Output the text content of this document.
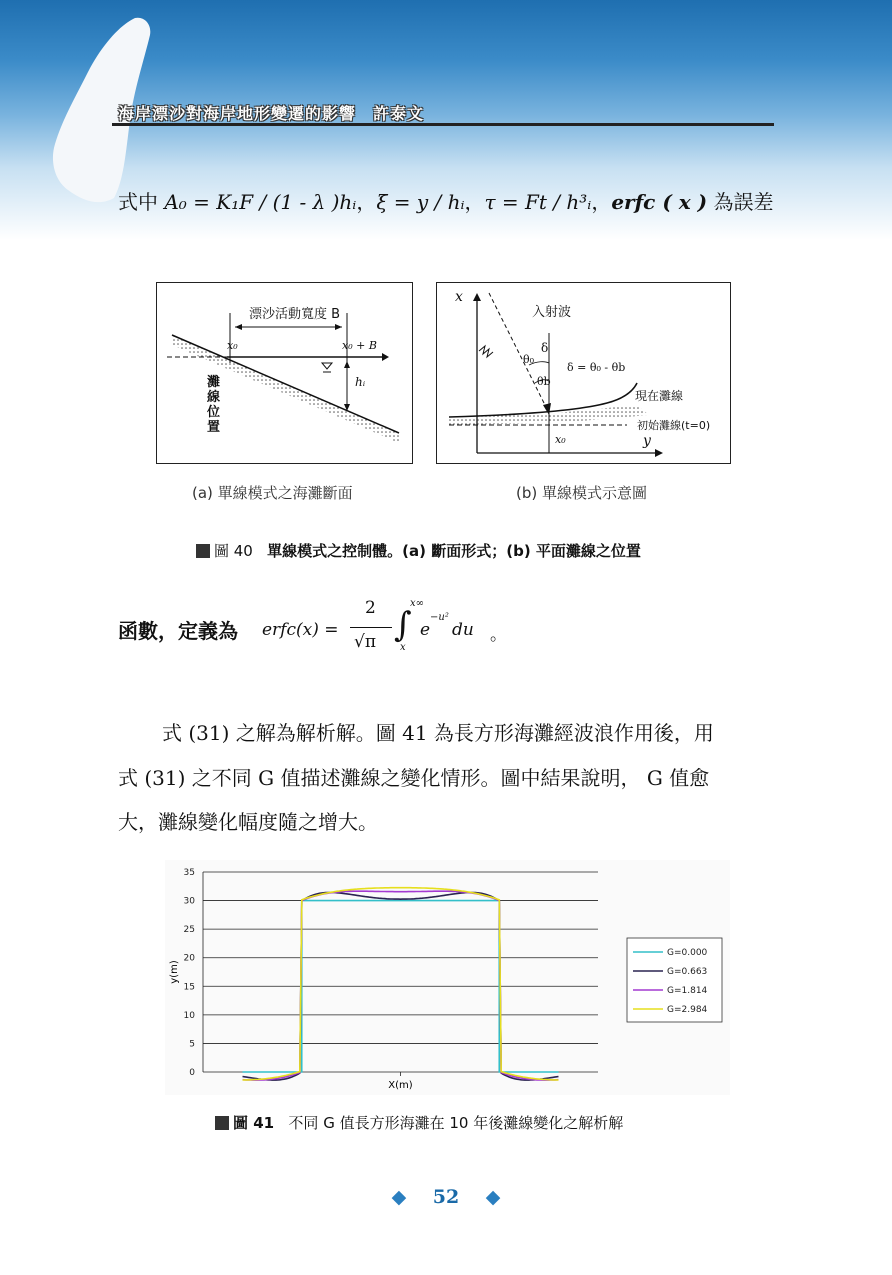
海岸漂沙對海岸地形變遷的影響　許泰文
式中 A₀ = K₁F / (1 - λ )hᵢ，ξ = y / hᵢ，τ = Ft / h³ᵢ，erfc ( x ) 為誤差
漂沙活動寬度 B
x₀	x₀ + B
hᵢ
灘
線
位
置
(a) 單線模式之海灘斷面
x
y
入射波
δ
θ₀
θb
δ = θ₀ - θb
現在灘線
初始灘線(t=0)
x₀
(b) 單線模式示意圖
圖 40 單線模式之控制體。(a) 斷面形式；(b) 平面灘線之位置
函數，定義為 erfc(x) =
2
√π ∫
x∞
x
e
−u²
du 。
式 (31) 之解為解析解。圖 41 為長方形海灘經波浪作用後，用
式 (31) 之不同 G 值描述灘線之變化情形。圖中結果說明， G 值愈
大，灘線變化幅度隨之增大。
0
5
10
15
20
25
30
35
y(m)
X(m)
G=0.000
G=0.663
G=1.814
G=2.984
圖 41 不同 G 值長方形海灘在 10 年後灘線變化之解析解
◆ 52 ◆
